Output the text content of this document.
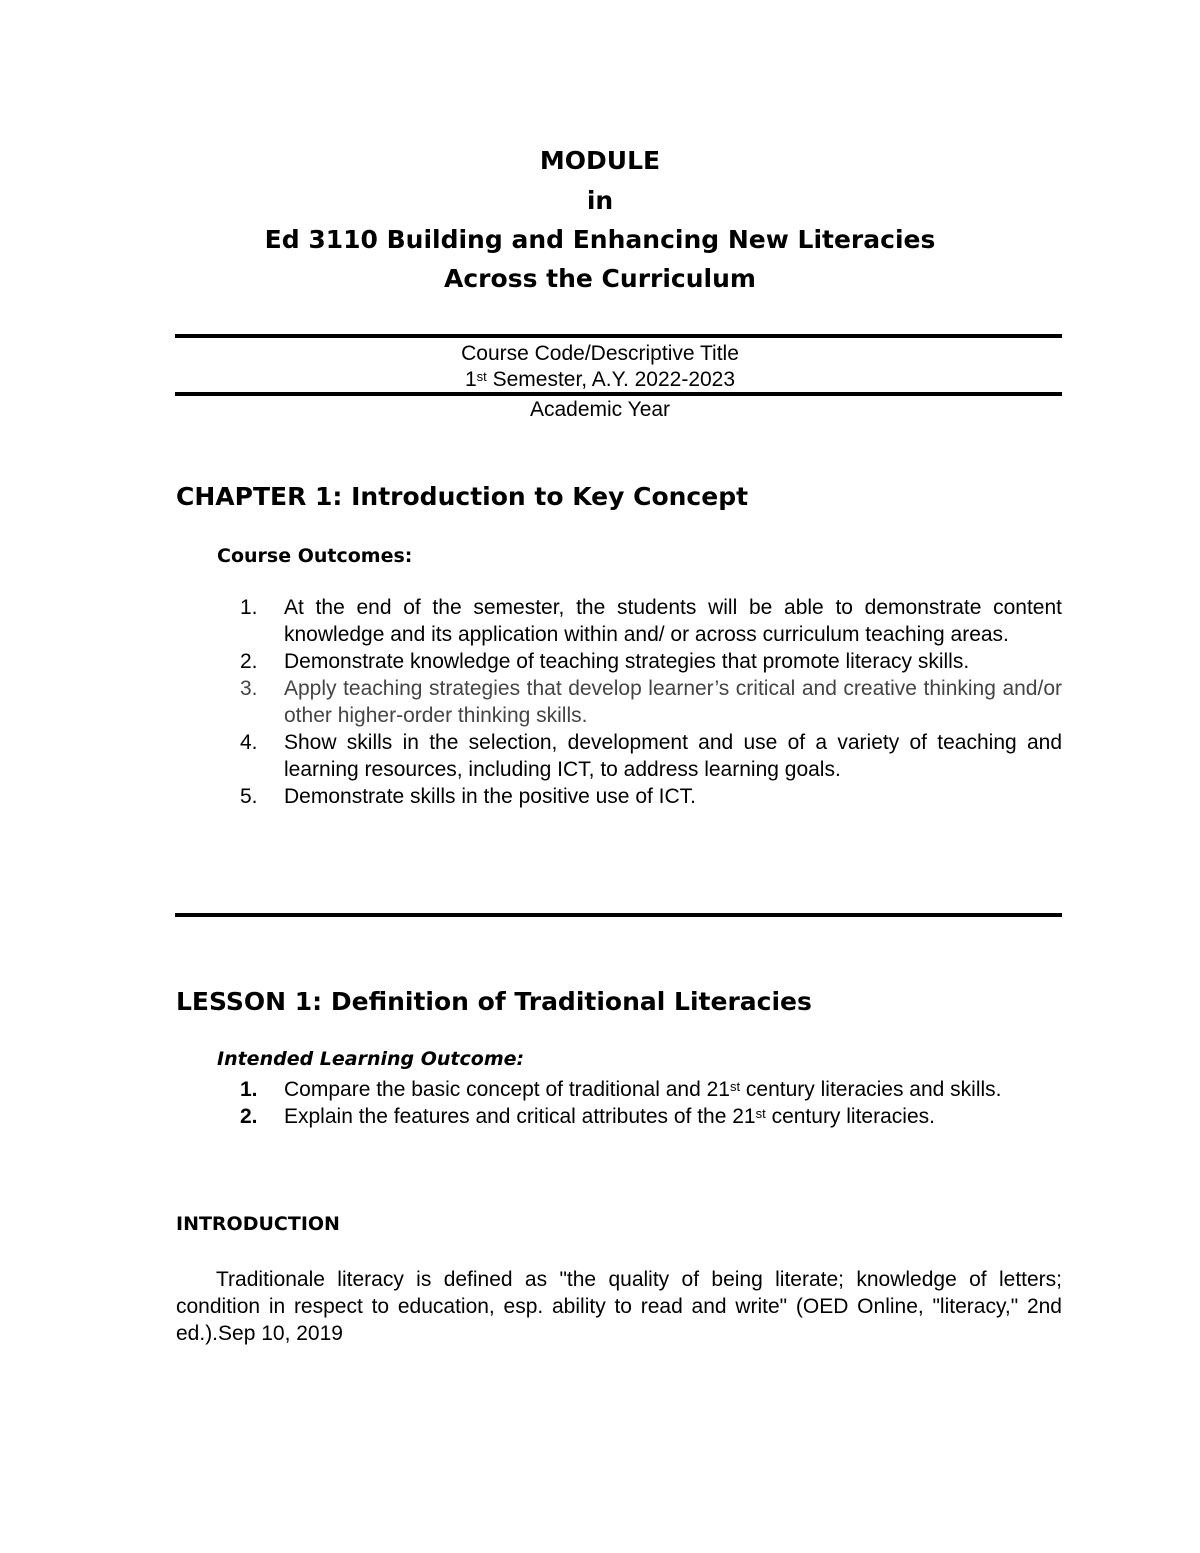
MODULE
in
Ed 3110 Building and Enhancing New Literacies
Across the Curriculum
Course Code/Descriptive Title
1st Semester, A.Y. 2022-2023
Academic Year
CHAPTER 1: Introduction to Key Concept
Course Outcomes:
1. At the end of the semester, the students will be able to demonstrate content knowledge and its application within and/ or across curriculum teaching areas.
2. Demonstrate knowledge of teaching strategies that promote literacy skills.
3. Apply teaching strategies that develop learner’s critical and creative thinking and/or other higher-order thinking skills.
4. Show skills in the selection, development and use of a variety of teaching and learning resources, including ICT, to address learning goals.
5. Demonstrate skills in the positive use of ICT.
LESSON 1: Definition of Traditional Literacies
Intended Learning Outcome:
1. Compare the basic concept of traditional and 21st century literacies and skills.
2. Explain the features and critical attributes of the 21st century literacies.
INTRODUCTION
Traditionale literacy is defined as "the quality of being literate; knowledge of letters; condition in respect to education, esp. ability to read and write" (OED Online, "literacy," 2nd ed.).Sep 10, 2019
